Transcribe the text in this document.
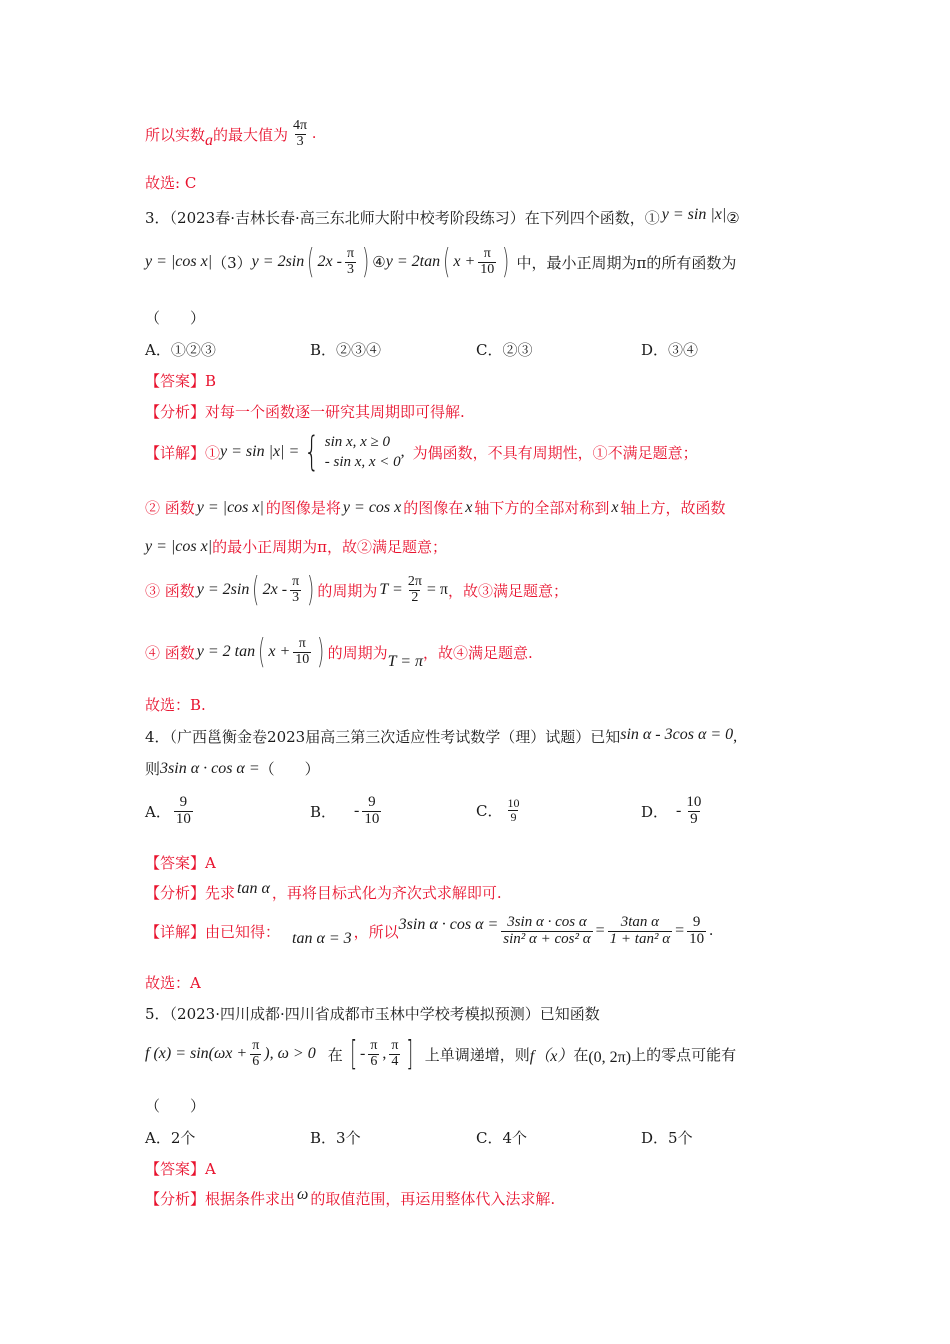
所以实数 a 的最大值为 $\frac{4\pi}{3}$ .
故选: C
3．（2023春·吉林长春·高三东北师大附中校考阶段练习）在下列四个函数，① y = sin |x| ②
y = |cos x| （3） y = 2sin ( $2x - \frac{\pi}{3}$ ) ④ y = 2tan ( $x + \frac{\pi}{10}$ ) 中，最小正周期为π的所有函数为
（　　）
A．①②③	B．②③④	C．②③	D．③④
【答案】B
【分析】对每一个函数逐一研究其周期即可得解.
【详解】① y = sin |x| = { sin x, x ≥ 0
- sin x, x < 0
, 为偶函数，不具有周期性，①不满足题意；
② 函数 y = |cos x| 的图像是将 y = cos x 的图像在 x 轴下方的全部对称到 x 轴上方，故函数
y = |cos x| 的最小正周期为π，故②满足题意；
③ 函数 y = 2sin ( $2x - \frac{\pi}{3}$ ) 的周期为 $T = \frac{2\pi}{2} = \pi$ ，故③满足题意；
④ 函数 y = 2 tan ( $x + \frac{\pi}{10}$ ) 的周期为 T = π ，故④满足题意.
故选：B.
4．（广西邕衡金卷2023届高三第三次适应性考试数学（理）试题）已知 sin α - 3cos α = 0 ,
则 3sin α · cos α = （　　）
A． $\frac{9}{10}$	B． - $\frac{9}{10}$	C． $\frac{10}{9}$	D． - $\frac{10}{9}$
【答案】A
【分析】先求 tan α ，再将目标式化为齐次式求解即可.
【详解】由已知得： tan α = 3 ，所以 3sin $\alpha \cdot \cos \alpha = \frac{\text{3sin α · cos α}}{\text{sin² α + cos² α}} = \frac{\text{3tan α}}{\text{1 + tan² α}} = \frac{9}{10}$ .
故选：A
5．（2023·四川成都·四川省成都市玉林中学校考模拟预测）已知函数
f $(x) = \sin(\omega x + \frac{\pi}{6}$ ), ω > 0 在 [ - $\frac{\pi}{6}$ , $\frac{\pi}{4}$ ] 上单调递增，则 f（x） 在 (0, 2π) 上的零点可能有
（　　）
A．2个	B．3个	C．4个	D．5个
【答案】A
【分析】根据条件求出 ω 的取值范围，再运用整体代入法求解.
